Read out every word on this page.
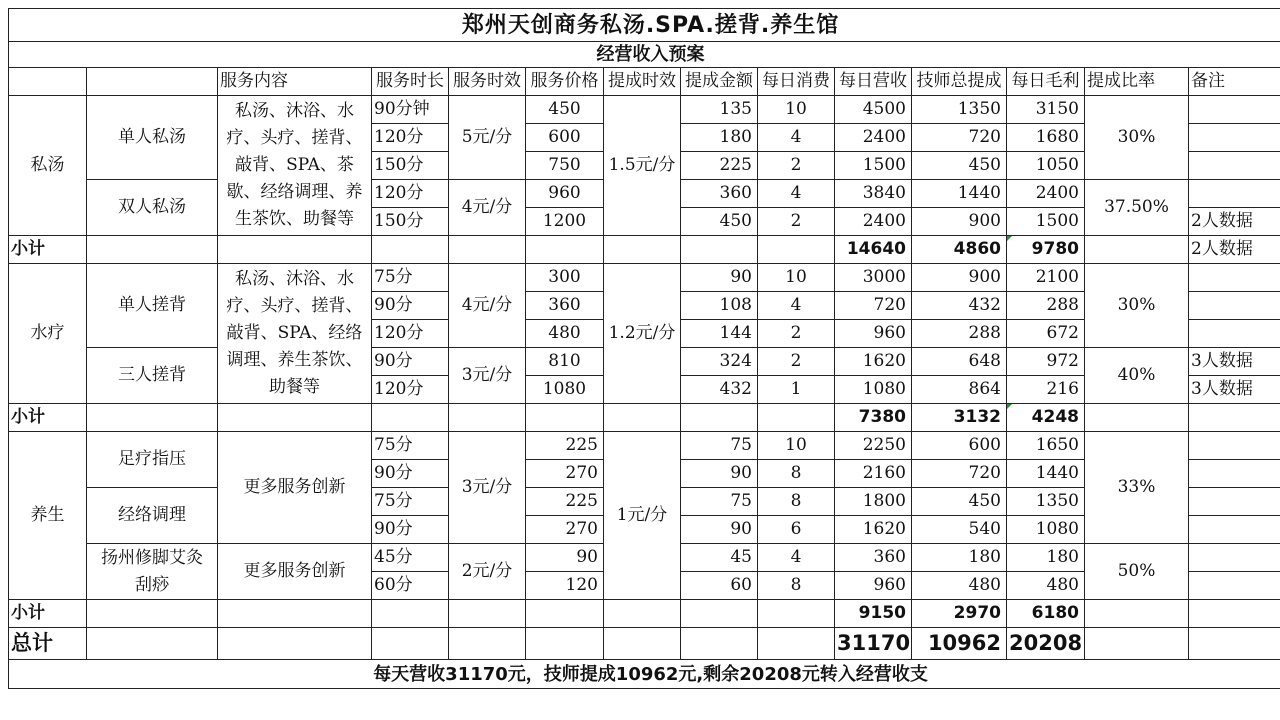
郑州天创商务私汤.SPA.搓背.养生馆													
经营收入预案													
		服务内容	服务时长	服务时效	服务价格	提成时效	提成金额	每日消费	每日营收	技师总提成	每日毛利	提成比率	备注
私汤	单人私汤	私汤、沐浴、水疗、头疗、搓背、敲背、SPA、茶歇、经络调理、养生茶饮、助餐等	90分钟	5元/分	450	1.5元/分	135	10	4500	1350	3150	30%	
			120分		600		180	4	2400	720	1680		
			150分		750		225	2	1500	450	1050		
	双人私汤		120分	4元/分	960		360	4	3840	1440	2400	37.50%	
			150分		1200		450	2	2400	900	1500		2人数据
小计									14640	4860	9780		2人数据
水疗	单人搓背	私汤、沐浴、水疗、头疗、搓背、敲背、SPA、经络调理、养生茶饮、助餐等	75分	4元/分	300	1.2元/分	90	10	3000	900	2100	30%	
			90分		360		108	4	720	432	288		
			120分		480		144	2	960	288	672		
	三人搓背		90分	3元/分	810		324	2	1620	648	972	40%	3人数据
			120分		1080		432	1	1080	864	216		3人数据
小计									7380	3132	4248		
养生	足疗指压	更多服务创新	75分	3元/分	225	1元/分	75	10	2250	600	1650	33%	
			90分		270		90	8	2160	720	1440		
	经络调理		75分		225		75	8	1800	450	1350		
			90分		270		90	6	1620	540	1080		
	扬州修脚艾灸刮痧	更多服务创新	45分	2元/分	90		45	4	360	180	180	50%	
			60分		120		60	8	960	480	480		
小计									9150	2970	6180		
总计									31170	10962	20208		
每天营收31170元，技师提成10962元,剩余20208元转入经营收支													
